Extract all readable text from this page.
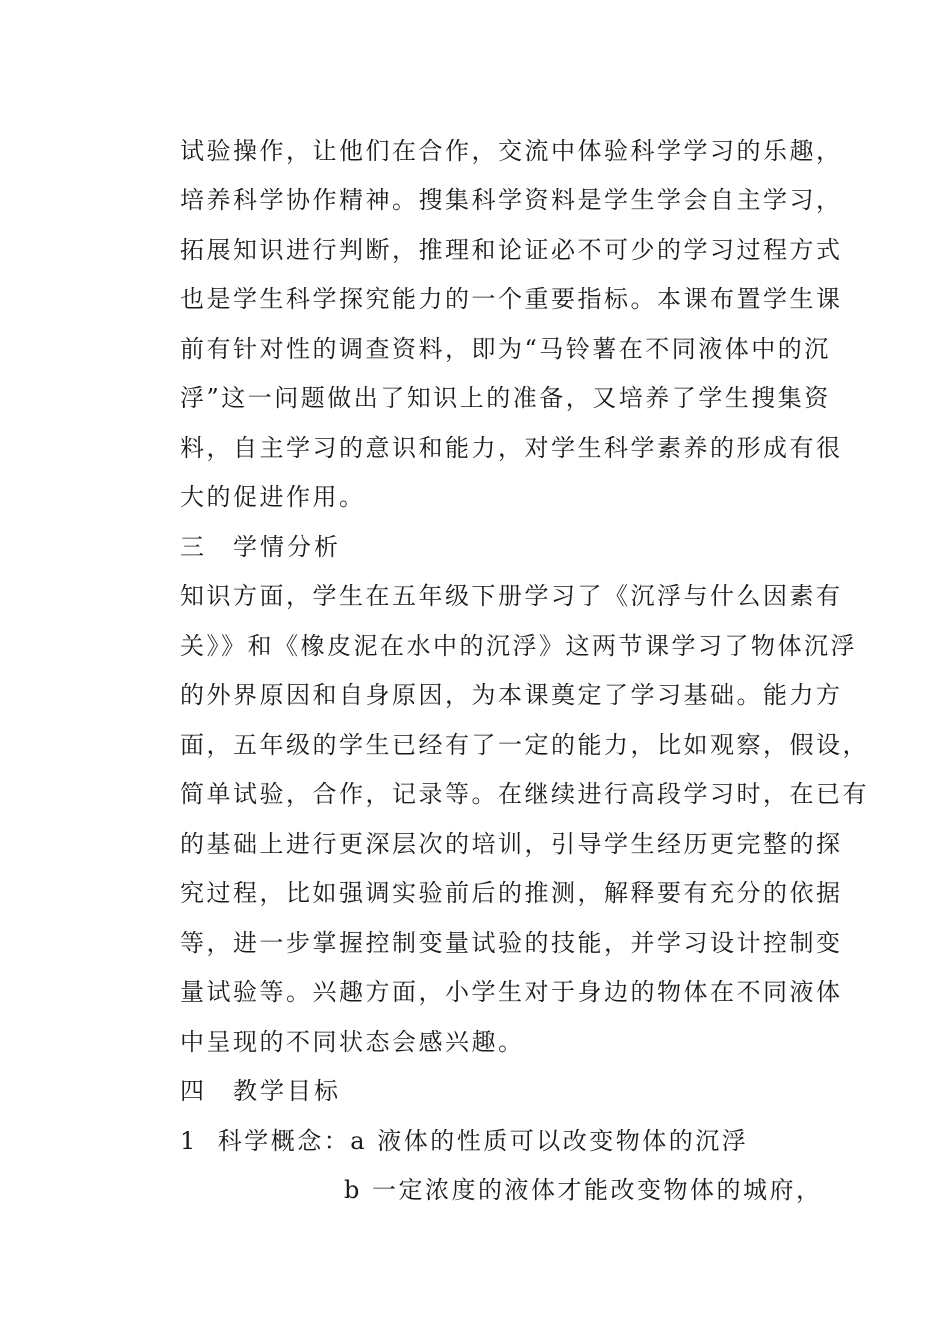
试验操作，让他们在合作，交流中体验科学学习的乐趣，
培养科学协作精神。搜集科学资料是学生学会自主学习，
拓展知识进行判断，推理和论证必不可少的学习过程方式
也是学生科学探究能力的一个重要指标。本课布置学生课
前有针对性的调查资料，即为“马铃薯在不同液体中的沉
浮”这一问题做出了知识上的准备，又培养了学生搜集资
料，自主学习的意识和能力，对学生科学素养的形成有很
大的促进作用。
三 学情分析
知识方面，学生在五年级下册学习了《沉浮与什么因素有
关》》和《橡皮泥在水中的沉浮》这两节课学习了物体沉浮
的外界原因和自身原因，为本课奠定了学习基础。能力方
面，五年级的学生已经有了一定的能力，比如观察，假设，
简单试验，合作，记录等。在继续进行高段学习时，在已有
的基础上进行更深层次的培训，引导学生经历更完整的探
究过程，比如强调实验前后的推测，解释要有充分的依据
等，进一步掌握控制变量试验的技能，并学习设计控制变
量试验等。兴趣方面，小学生对于身边的物体在不同液体
中呈现的不同状态会感兴趣。
四 教学目标
1 科学概念：a 液体的性质可以改变物体的沉浮
b 一定浓度的液体才能改变物体的城府，
